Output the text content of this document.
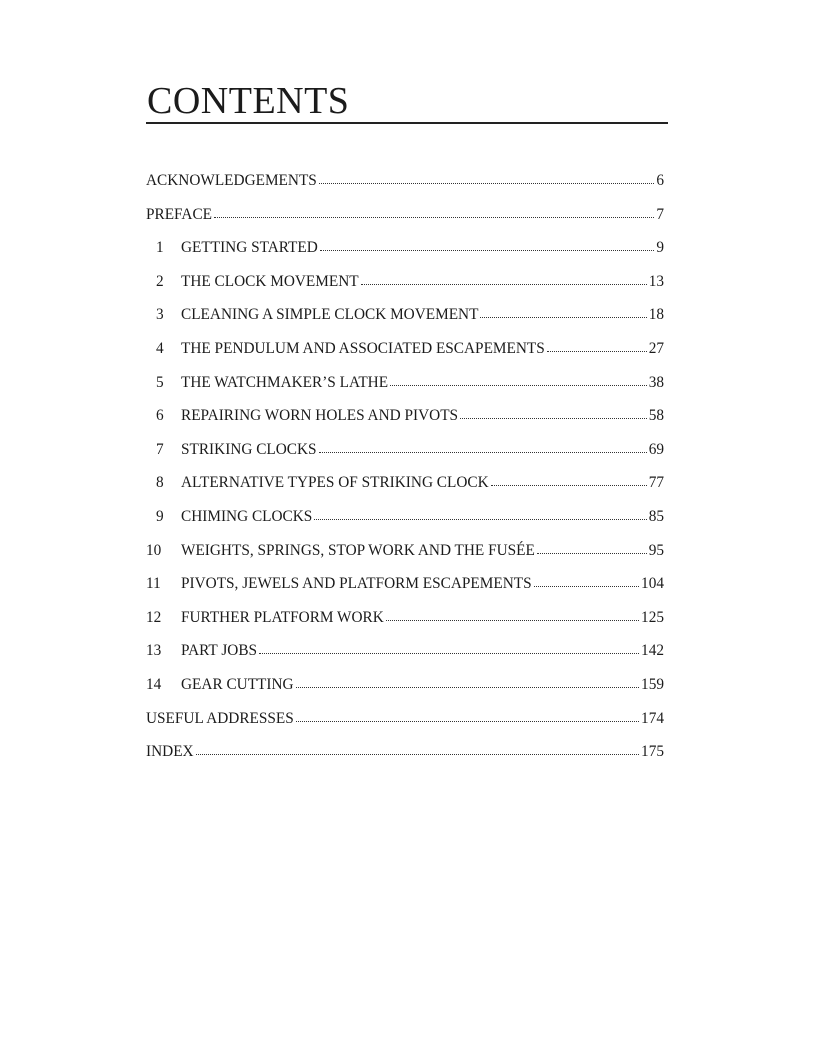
CONTENTS
ACKNOWLEDGEMENTS	6
PREFACE	7
1	GETTING STARTED	9
2	THE CLOCK MOVEMENT	13
3	CLEANING A SIMPLE CLOCK MOVEMENT	18
4	THE PENDULUM AND ASSOCIATED ESCAPEMENTS	27
5	THE WATCHMAKER’S LATHE	38
6	REPAIRING WORN HOLES AND PIVOTS	58
7	STRIKING CLOCKS	69
8	ALTERNATIVE TYPES OF STRIKING CLOCK	77
9	CHIMING CLOCKS	85
10	WEIGHTS, SPRINGS, STOP WORK AND THE FUSÉE	95
11	PIVOTS, JEWELS AND PLATFORM ESCAPEMENTS	104
12	FURTHER PLATFORM WORK	125
13	PART JOBS	142
14	GEAR CUTTING	159
USEFUL ADDRESSES	174
INDEX	175
